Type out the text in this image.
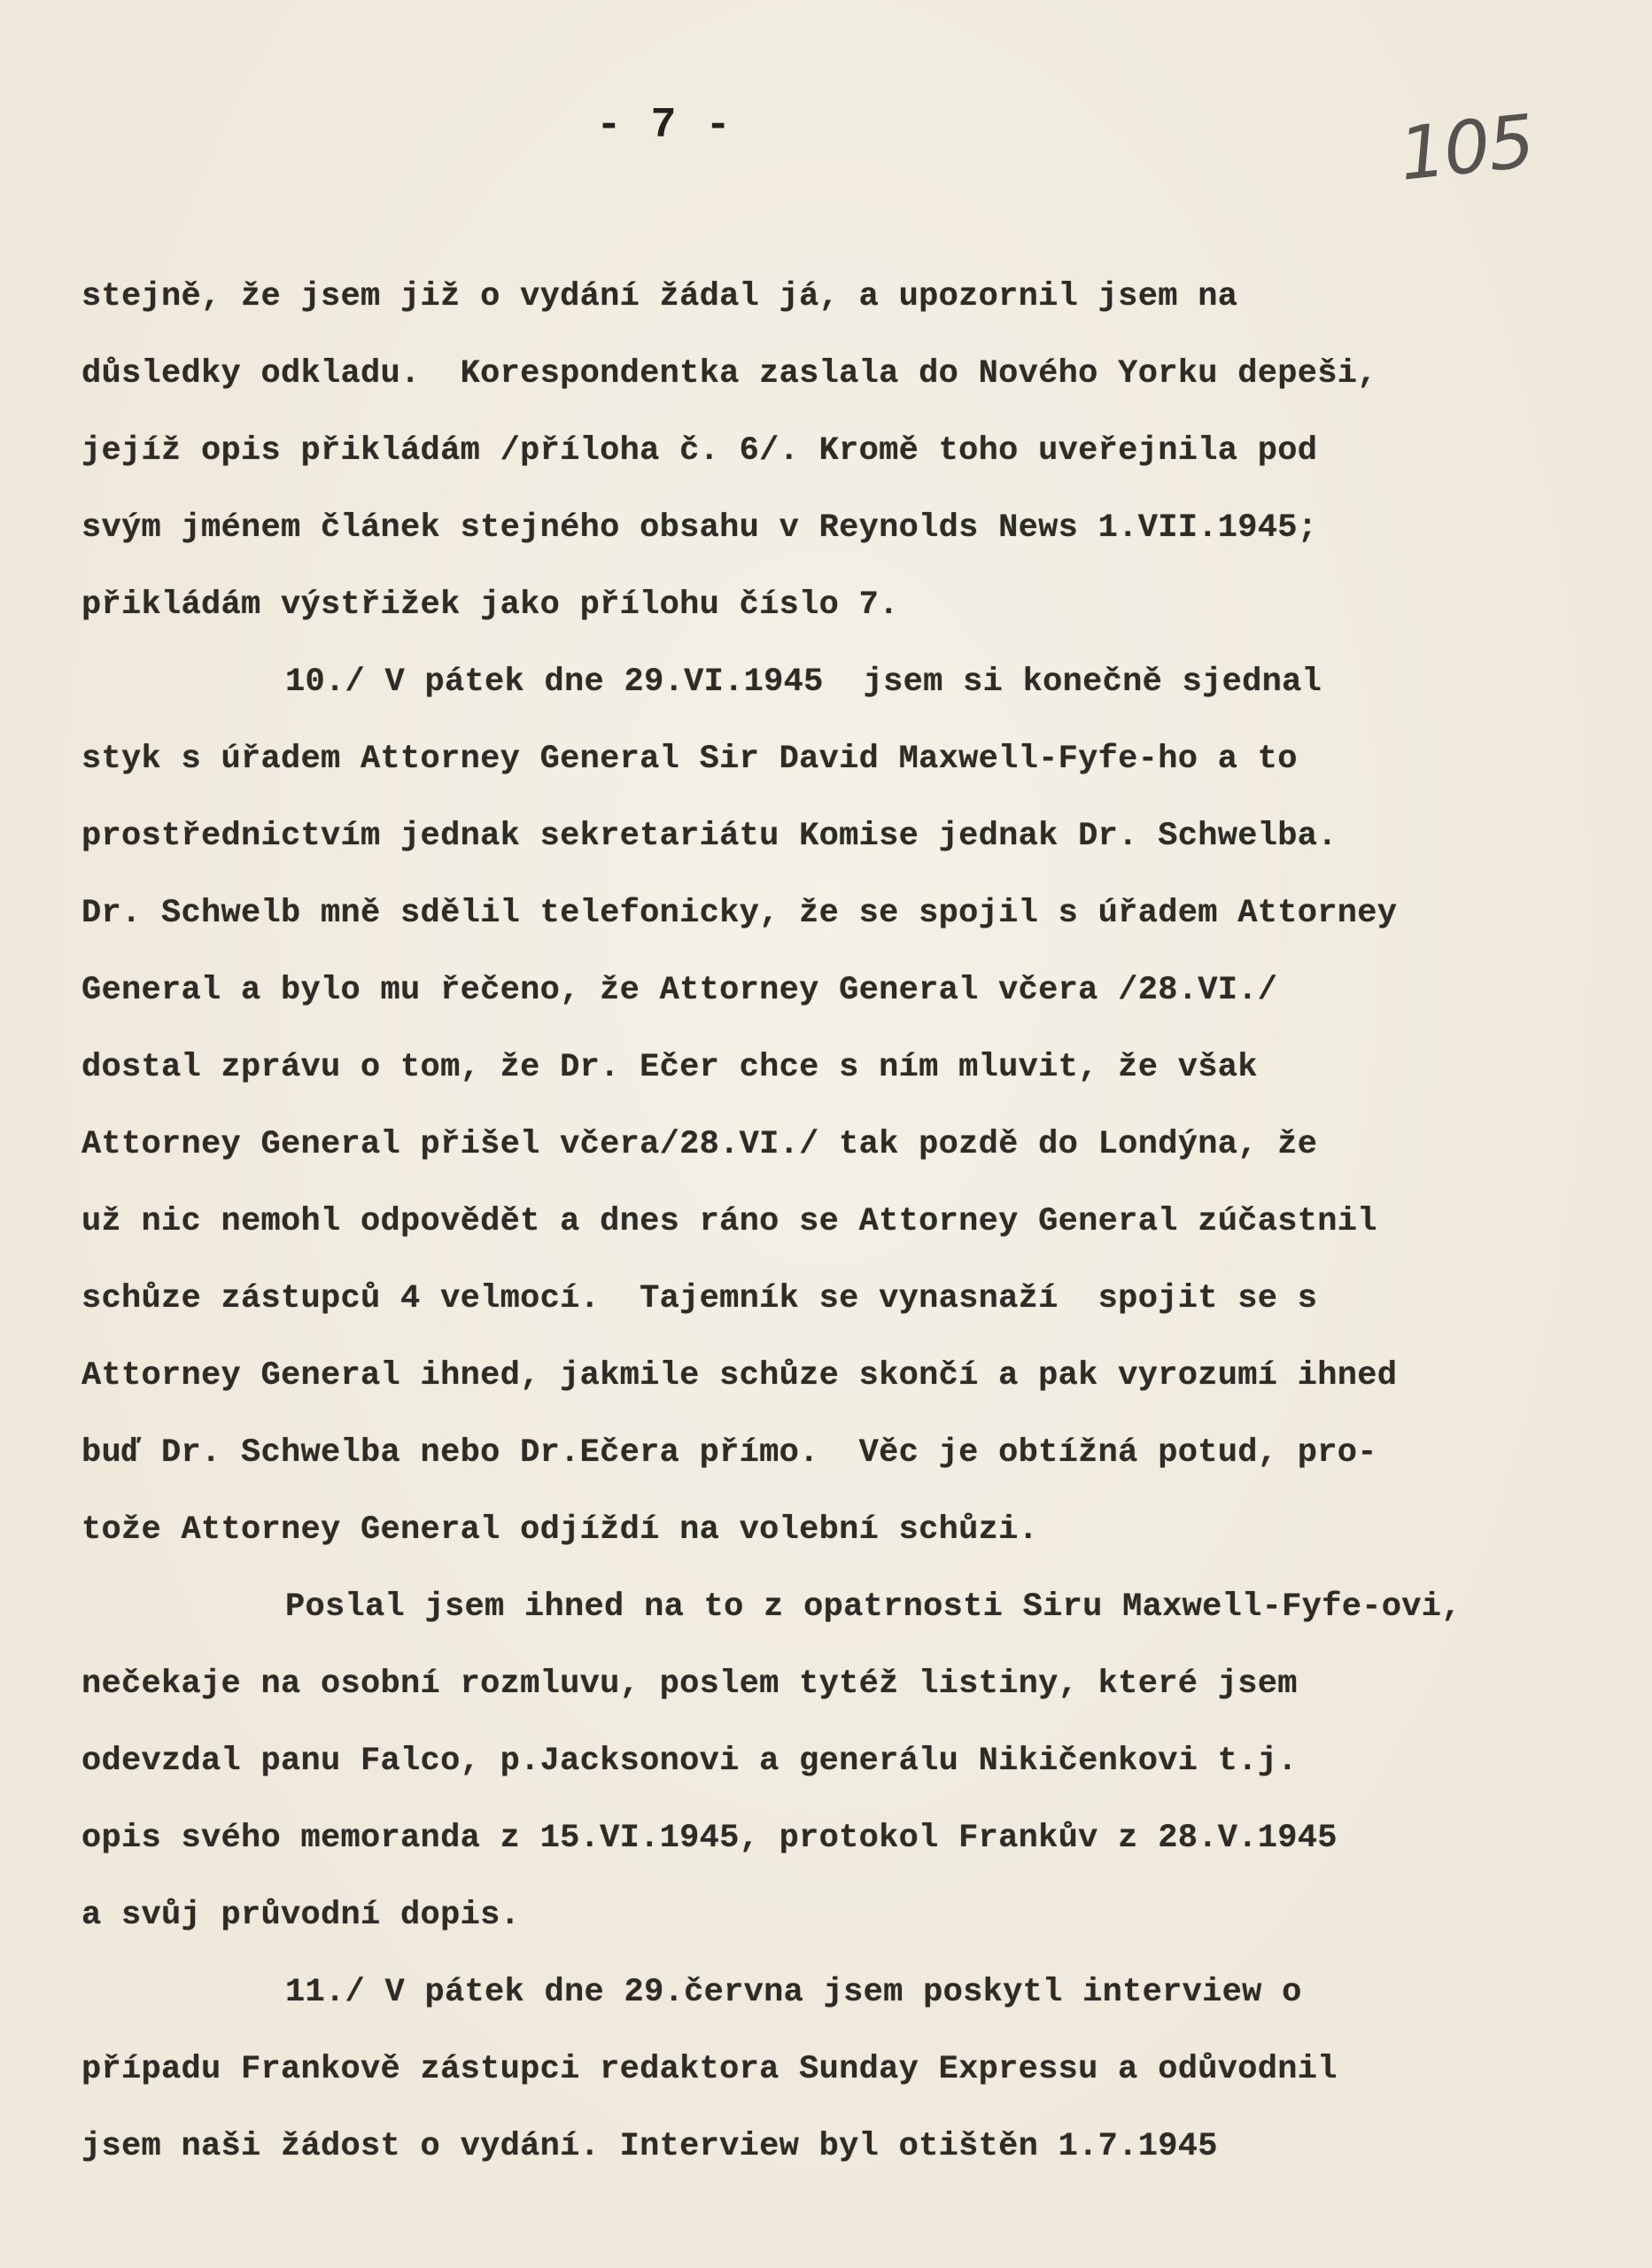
- 7 -	105
stejně, že jsem již o vydání žádal já, a upozornil jsem na
důsledky odkladu.  Korespondentka zaslala do Nového Yorku depeši,
jejíž opis přikládám /příloha č. 6/. Kromě toho uveřejnila pod
svým jménem článek stejného obsahu v Reynolds News 1.VII.1945;
přikládám výstřižek jako přílohu číslo 7.
10./ V pátek dne 29.VI.1945  jsem si konečně sjednal
styk s úřadem Attorney General Sir David Maxwell-Fyfe-ho a to
prostřednictvím jednak sekretariátu Komise jednak Dr. Schwelba.
Dr. Schwelb mně sdělil telefonicky, že se spojil s úřadem Attorney
General a bylo mu řečeno, že Attorney General včera /28.VI./
dostal zprávu o tom, že Dr. Ečer chce s ním mluvit, že však
Attorney General přišel včera/28.VI./ tak pozdě do Londýna, že
už nic nemohl odpovědět a dnes ráno se Attorney General zúčastnil
schůze zástupců 4 velmocí.  Tajemník se vynasnaží  spojit se s
Attorney General ihned, jakmile schůze skončí a pak vyrozumí ihned
buď Dr. Schwelba nebo Dr.Ečera přímo.  Věc je obtížná potud, pro-
tože Attorney General odjíždí na volební schůzi.
Poslal jsem ihned na to z opatrnosti Siru Maxwell-Fyfe-ovi,
nečekaje na osobní rozmluvu, poslem tytéž listiny, které jsem
odevzdal panu Falco, p.Jacksonovi a generálu Nikičenkovi t.j.
opis svého memoranda z 15.VI.1945, protokol Frankův z 28.V.1945
a svůj průvodní dopis.
11./ V pátek dne 29.června jsem poskytl interview o
případu Frankově zástupci redaktora Sunday Expressu a odůvodnil
jsem naši žádost o vydání. Interview byl otištěn 1.7.1945
